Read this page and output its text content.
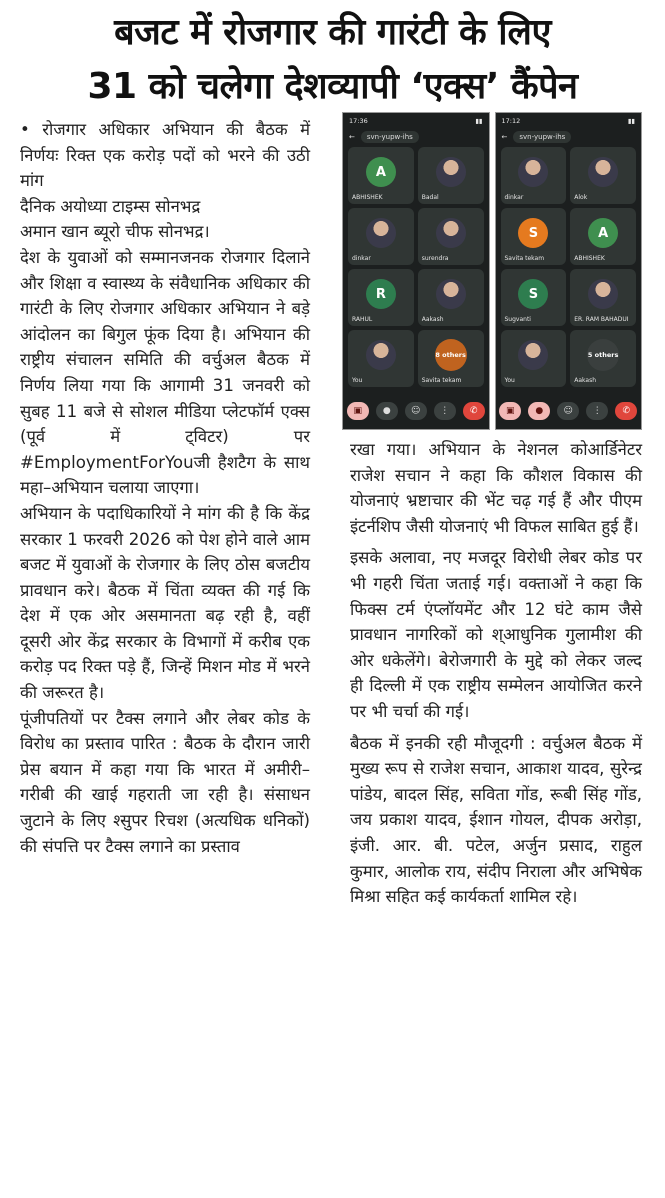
बजट में रोजगार की गारंटी के लिए
31 को चलेगा देशव्यापी ‘एक्स’ कैंपेन

• रोजगार अधिकार अभियान की बैठक में निर्णयः रिक्त एक करोड़ पदों को भरने की उठी मांग

दैनिक अयोध्या टाइम्स सोनभद्र

अमान खान ब्यूरो चीफ सोनभद्र।

देश के युवाओं को सम्मानजनक रोजगार दिलाने और शिक्षा व स्वास्थ्य के संवैधानिक अधिकार की गारंटी के लिए रोजगार अधिकार अभियान ने बड़े आंदोलन का बिगुल फूंक दिया है। अभियान की राष्ट्रीय संचालन समिति की वर्चुअल बैठक में निर्णय लिया गया कि आगामी 31 जनवरी को सुबह 11 बजे से सोशल मीडिया प्लेटफॉर्म एक्स (पूर्व में ट्विटर) पर #EmploymentForYouजी हैशटैग के साथ महा–अभियान चलाया जाएगा।

अभियान के पदाधिकारियों ने मांग की है कि केंद्र सरकार 1 फरवरी 2026 को पेश होने वाले आम बजट में युवाओं के रोजगार के लिए ठोस बजटीय प्रावधान करे। बैठक में चिंता व्यक्त की गई कि देश में एक ओर असमानता बढ़ रही है, वहीं दूसरी ओर केंद्र सरकार के विभागों में करीब एक करोड़ पद रिक्त पड़े हैं, जिन्हें मिशन मोड में भरने की जरूरत है।

पूंजीपतियों पर टैक्स लगाने और लेबर कोड के विरोध का प्रस्ताव पारित : बैठक के दौरान जारी प्रेस बयान में कहा गया कि भारत में अमीरी–गरीबी की खाई गहराती जा रही है। संसाधन जुटाने के लिए श्सुपर रिचश (अत्यधिक धनिकों) की संपत्ति पर टैक्स लगाने का प्रस्ताव

17:36	▮▮
←	svn-yupw-ihs
A
ABHISHEK	Badal
dinkar	surendra
R
RAHUL	Aakash
You
8 others
Savita tekam
▣	●	☺	⋮	✆
17:12	▮▮
←	svn-yupw-ihs
dinkar	Alok
S
Savita tekam
A
ABHISHEK
S
Sugvanti	ER. RAM BAHADUI
You
5 others
Aakash
▣	●	☺	⋮	✆

रखा गया। अभियान के नेशनल कोआर्डिनेटर राजेश सचान ने कहा कि कौशल विकास की योजनाएं भ्रष्टाचार की भेंट चढ़ गई हैं और पीएम इंटर्नशिप जैसी योजनाएं भी विफल साबित हुई हैं।

इसके अलावा, नए मजदूर विरोधी लेबर कोड पर भी गहरी चिंता जताई गई। वक्ताओं ने कहा कि फिक्स टर्म एंप्लॉयमेंट और 12 घंटे काम जैसे प्रावधान नागरिकों को श्आधुनिक गुलामीश की ओर धकेलेंगे। बेरोजगारी के मुद्दे को लेकर जल्द ही दिल्ली में एक राष्ट्रीय सम्मेलन आयोजित करने पर भी चर्चा की गई।

बैठक में इनकी रही मौजूदगी : वर्चुअल बैठक में मुख्य रूप से राजेश सचान, आकाश यादव, सुरेन्द्र पांडेय, बादल सिंह, सविता गोंड, रूबी सिंह गोंड, जय प्रकाश यादव, ईशान गोयल, दीपक अरोड़ा, इंजी. आर. बी. पटेल, अर्जुन प्रसाद, राहुल कुमार, आलोक राय, संदीप निराला और अभिषेक मिश्रा सहित कई कार्यकर्ता शामिल रहे।
